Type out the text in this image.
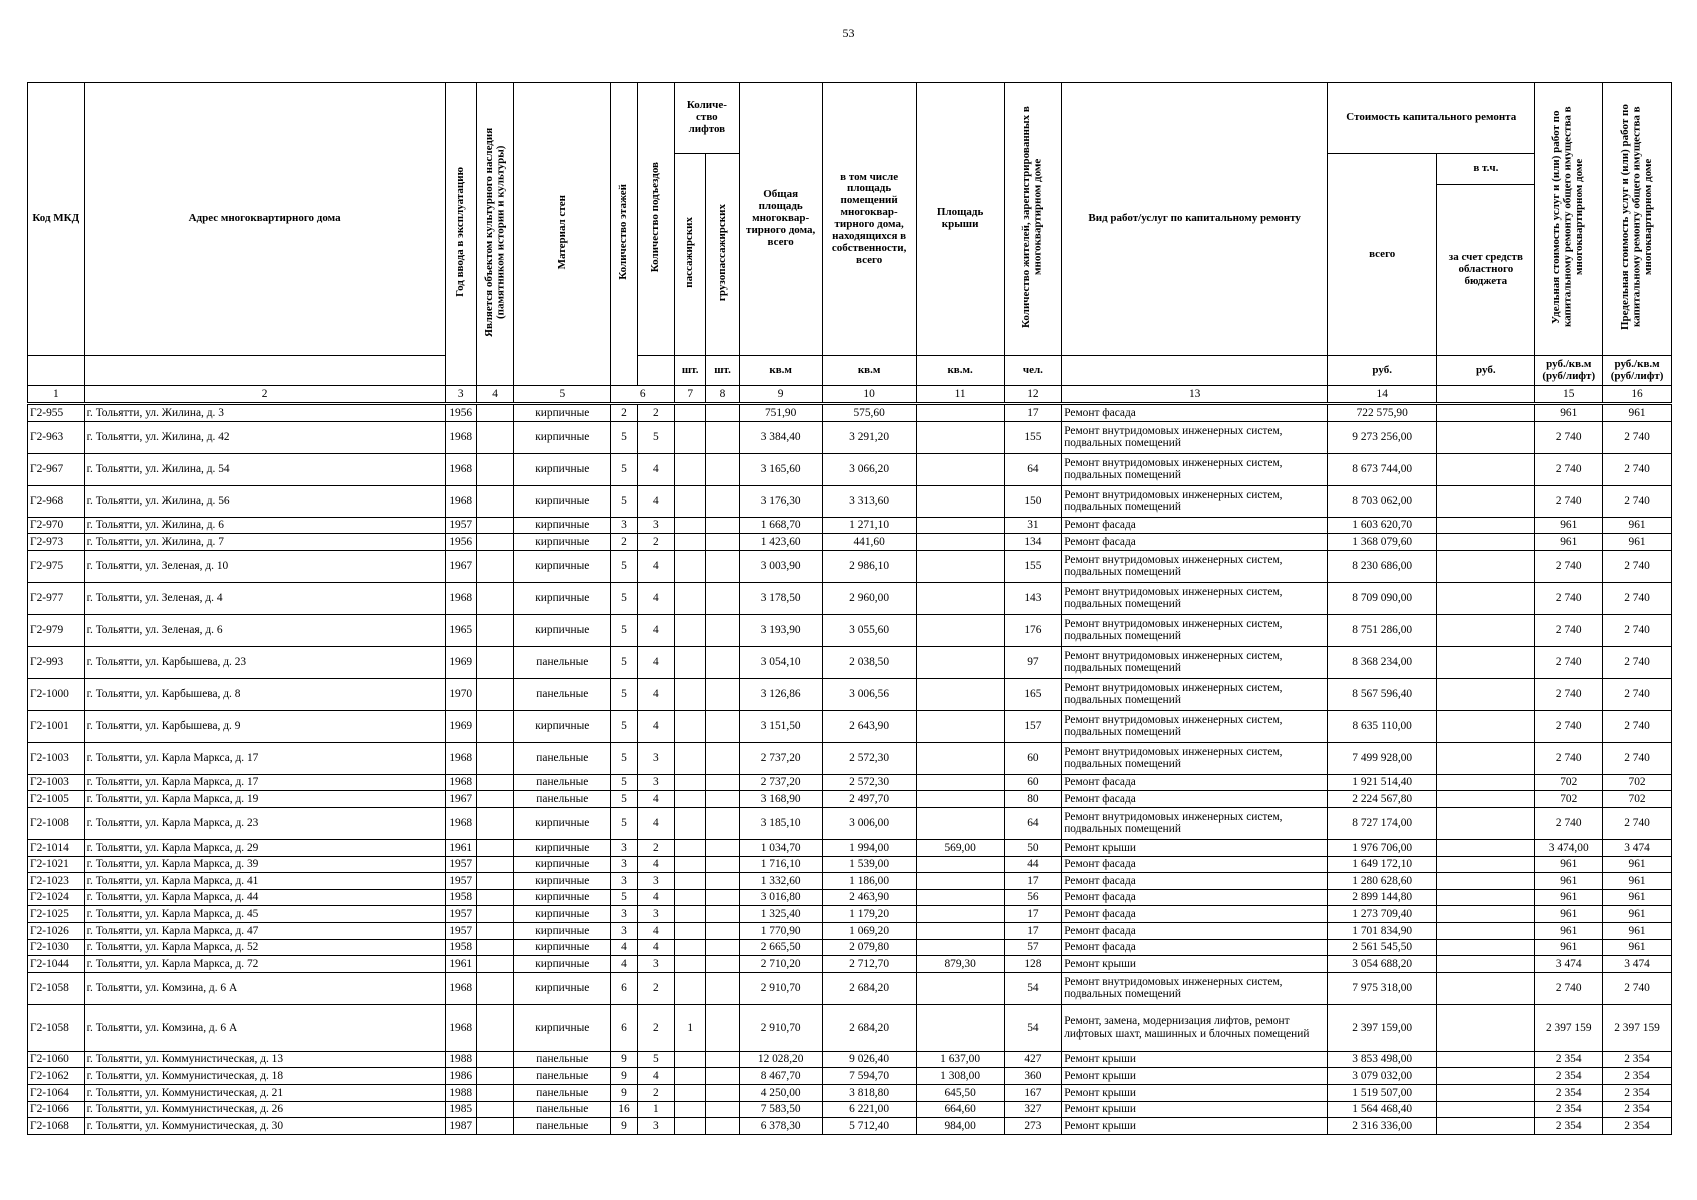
53
Код МКД	Адрес многоквартирного дома	Год ввода в эксплуатацию	Является объектом культурного наследия (памятником истории и культуры)	Материал стен	Количество этажей	Количество подъездов	Количе- ство лифтов		Общая площадь многоквар- тирного дома, всего	в том числе площадь помещений многоквар- тирного дома, находящихся в собственности, всего	Площадь крыши	Количество жителей, зарегистрированных в многоквартирном доме	Вид работ/услуг по капитальному ремонту	Стоимость капитального ремонта		Удельная стоимость услуг и (или) работ по капитальному ремонту общего имущества в многоквартирном доме	Предельная стоимость услуг и (или) работ по капитальному ремонту общего имущества в многоквартирном доме
							пассажирских	грузопассажирских						всего	в т.ч.		
															за счет средств областного бюджета		
							шт.	шт.	кв.м	кв.м	кв.м.	чел.		руб.	руб.	руб./кв.м (руб/лифт)	руб./кв.м (руб/лифт)
1	2	3	4	5	6		7	8	9	10	11	12	13	14		15	16
Г2-955	г. Тольятти, ул. Жилина, д. 3	1956		кирпичные	2	2			751,90	575,60		17	Ремонт фасада	722 575,90		961	961
Г2-963	г. Тольятти, ул. Жилина, д. 42	1968		кирпичные	5	5			3 384,40	3 291,20		155	Ремонт внутридомовых инженерных систем, подвальных помещений	9 273 256,00		2 740	2 740
Г2-967	г. Тольятти, ул. Жилина, д. 54	1968		кирпичные	5	4			3 165,60	3 066,20		64	Ремонт внутридомовых инженерных систем, подвальных помещений	8 673 744,00		2 740	2 740
Г2-968	г. Тольятти, ул. Жилина, д. 56	1968		кирпичные	5	4			3 176,30	3 313,60		150	Ремонт внутридомовых инженерных систем, подвальных помещений	8 703 062,00		2 740	2 740
Г2-970	г. Тольятти, ул. Жилина, д. 6	1957		кирпичные	3	3			1 668,70	1 271,10		31	Ремонт фасада	1 603 620,70		961	961
Г2-973	г. Тольятти, ул. Жилина, д. 7	1956		кирпичные	2	2			1 423,60	441,60		134	Ремонт фасада	1 368 079,60		961	961
Г2-975	г. Тольятти, ул. Зеленая, д. 10	1967		кирпичные	5	4			3 003,90	2 986,10		155	Ремонт внутридомовых инженерных систем, подвальных помещений	8 230 686,00		2 740	2 740
Г2-977	г. Тольятти, ул. Зеленая, д. 4	1968		кирпичные	5	4			3 178,50	2 960,00		143	Ремонт внутридомовых инженерных систем, подвальных помещений	8 709 090,00		2 740	2 740
Г2-979	г. Тольятти, ул. Зеленая, д. 6	1965		кирпичные	5	4			3 193,90	3 055,60		176	Ремонт внутридомовых инженерных систем, подвальных помещений	8 751 286,00		2 740	2 740
Г2-993	г. Тольятти, ул. Карбышева, д. 23	1969		панельные	5	4			3 054,10	2 038,50		97	Ремонт внутридомовых инженерных систем, подвальных помещений	8 368 234,00		2 740	2 740
Г2-1000	г. Тольятти, ул. Карбышева, д. 8	1970		панельные	5	4			3 126,86	3 006,56		165	Ремонт внутридомовых инженерных систем, подвальных помещений	8 567 596,40		2 740	2 740
Г2-1001	г. Тольятти, ул. Карбышева, д. 9	1969		кирпичные	5	4			3 151,50	2 643,90		157	Ремонт внутридомовых инженерных систем, подвальных помещений	8 635 110,00		2 740	2 740
Г2-1003	г. Тольятти, ул. Карла Маркса, д. 17	1968		панельные	5	3			2 737,20	2 572,30		60	Ремонт внутридомовых инженерных систем, подвальных помещений	7 499 928,00		2 740	2 740
Г2-1003	г. Тольятти, ул. Карла Маркса, д. 17	1968		панельные	5	3			2 737,20	2 572,30		60	Ремонт фасада	1 921 514,40		702	702
Г2-1005	г. Тольятти, ул. Карла Маркса, д. 19	1967		панельные	5	4			3 168,90	2 497,70		80	Ремонт фасада	2 224 567,80		702	702
Г2-1008	г. Тольятти, ул. Карла Маркса, д. 23	1968		кирпичные	5	4			3 185,10	3 006,00		64	Ремонт внутридомовых инженерных систем, подвальных помещений	8 727 174,00		2 740	2 740
Г2-1014	г. Тольятти, ул. Карла Маркса, д. 29	1961		кирпичные	3	2			1 034,70	1 994,00	569,00	50	Ремонт крыши	1 976 706,00		3 474,00	3 474
Г2-1021	г. Тольятти, ул. Карла Маркса, д. 39	1957		кирпичные	3	4			1 716,10	1 539,00		44	Ремонт фасада	1 649 172,10		961	961
Г2-1023	г. Тольятти, ул. Карла Маркса, д. 41	1957		кирпичные	3	3			1 332,60	1 186,00		17	Ремонт фасада	1 280 628,60		961	961
Г2-1024	г. Тольятти, ул. Карла Маркса, д. 44	1958		кирпичные	5	4			3 016,80	2 463,90		56	Ремонт фасада	2 899 144,80		961	961
Г2-1025	г. Тольятти, ул. Карла Маркса, д. 45	1957		кирпичные	3	3			1 325,40	1 179,20		17	Ремонт фасада	1 273 709,40		961	961
Г2-1026	г. Тольятти, ул. Карла Маркса, д. 47	1957		кирпичные	3	4			1 770,90	1 069,20		17	Ремонт фасада	1 701 834,90		961	961
Г2-1030	г. Тольятти, ул. Карла Маркса, д. 52	1958		кирпичные	4	4			2 665,50	2 079,80		57	Ремонт фасада	2 561 545,50		961	961
Г2-1044	г. Тольятти, ул. Карла Маркса, д. 72	1961		кирпичные	4	3			2 710,20	2 712,70	879,30	128	Ремонт крыши	3 054 688,20		3 474	3 474
Г2-1058	г. Тольятти, ул. Комзина, д. 6 А	1968		кирпичные	6	2			2 910,70	2 684,20		54	Ремонт внутридомовых инженерных систем, подвальных помещений	7 975 318,00		2 740	2 740
Г2-1058	г. Тольятти, ул. Комзина, д. 6 А	1968		кирпичные	6	2	1		2 910,70	2 684,20		54	Ремонт, замена, модернизация лифтов, ремонт лифтовых шахт, машинных и блочных помещений	2 397 159,00		2 397 159	2 397 159
Г2-1060	г. Тольятти, ул. Коммунистическая, д. 13	1988		панельные	9	5			12 028,20	9 026,40	1 637,00	427	Ремонт крыши	3 853 498,00		2 354	2 354
Г2-1062	г. Тольятти, ул. Коммунистическая, д. 18	1986		панельные	9	4			8 467,70	7 594,70	1 308,00	360	Ремонт крыши	3 079 032,00		2 354	2 354
Г2-1064	г. Тольятти, ул. Коммунистическая, д. 21	1988		панельные	9	2			4 250,00	3 818,80	645,50	167	Ремонт крыши	1 519 507,00		2 354	2 354
Г2-1066	г. Тольятти, ул. Коммунистическая, д. 26	1985		панельные	16	1			7 583,50	6 221,00	664,60	327	Ремонт крыши	1 564 468,40		2 354	2 354
Г2-1068	г. Тольятти, ул. Коммунистическая, д. 30	1987		панельные	9	3			6 378,30	5 712,40	984,00	273	Ремонт крыши	2 316 336,00		2 354	2 354
